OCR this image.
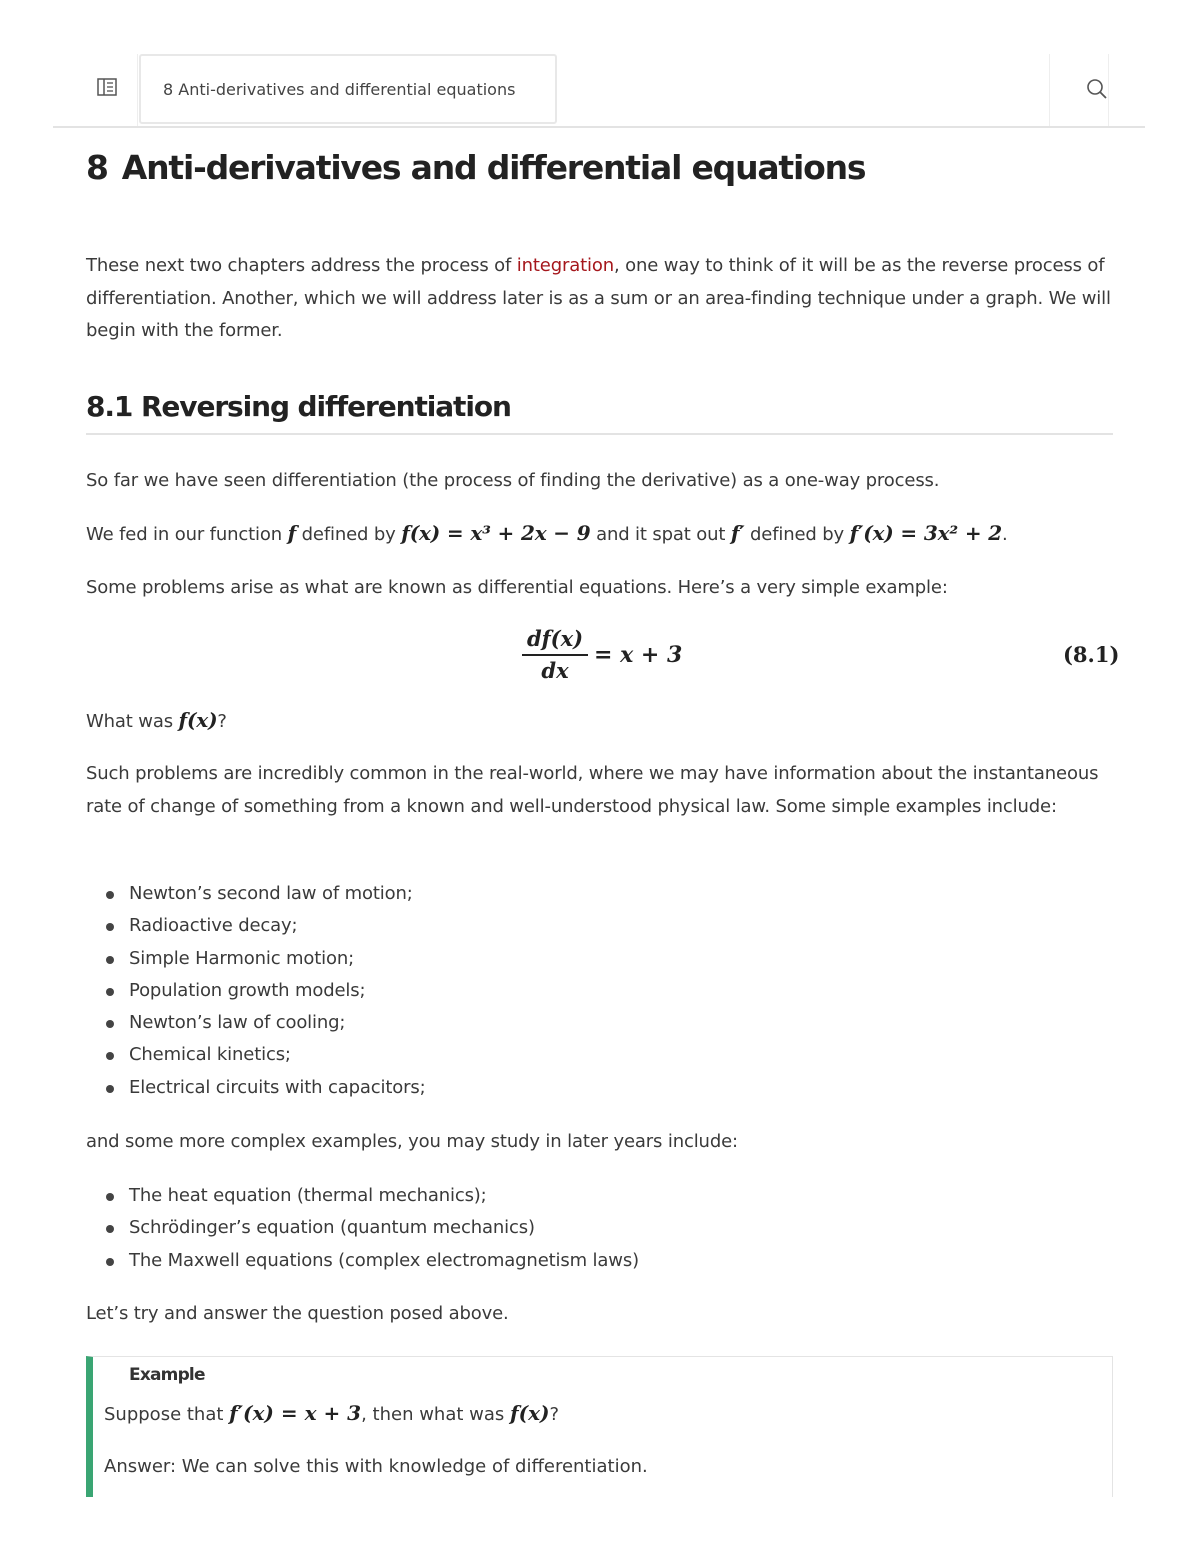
8 Anti-derivatives and differential equations
8 Anti-derivatives and differential equations

These next two chapters address the process of integration, one way to think of it will be as the reverse process of differentiation. Another, which we will address later is as a sum or an area-finding technique under a graph. We will begin with the former.

8.1 Reversing differentiation

So far we have seen differentiation (the process of finding the derivative) as a one-way process.

We fed in our function f defined by f(x) = x³ + 2x − 9 and it spat out f′ defined by f′(x) = 3x² + 2.

Some problems arise as what are known as differential equations. Here’s a very simple example:

$\frac{df(x)}{dx} = x + 3$	(8.1)

What was f(x)?

Such problems are incredibly common in the real-world, where we may have information about the instantaneous rate of change of something from a known and well-understood physical law. Some simple examples include:

Newton’s second law of motion;
Radioactive decay;
Simple Harmonic motion;
Population growth models;
Newton’s law of cooling;
Chemical kinetics;
Electrical circuits with capacitors;

and some more complex examples, you may study in later years include:

The heat equation (thermal mechanics);
Schrödinger’s equation (quantum mechanics)
The Maxwell equations (complex electromagnetism laws)

Let’s try and answer the question posed above.

Example
Suppose that f′(x) = x + 3, then what was f(x)?
Answer: We can solve this with knowledge of differentiation.
